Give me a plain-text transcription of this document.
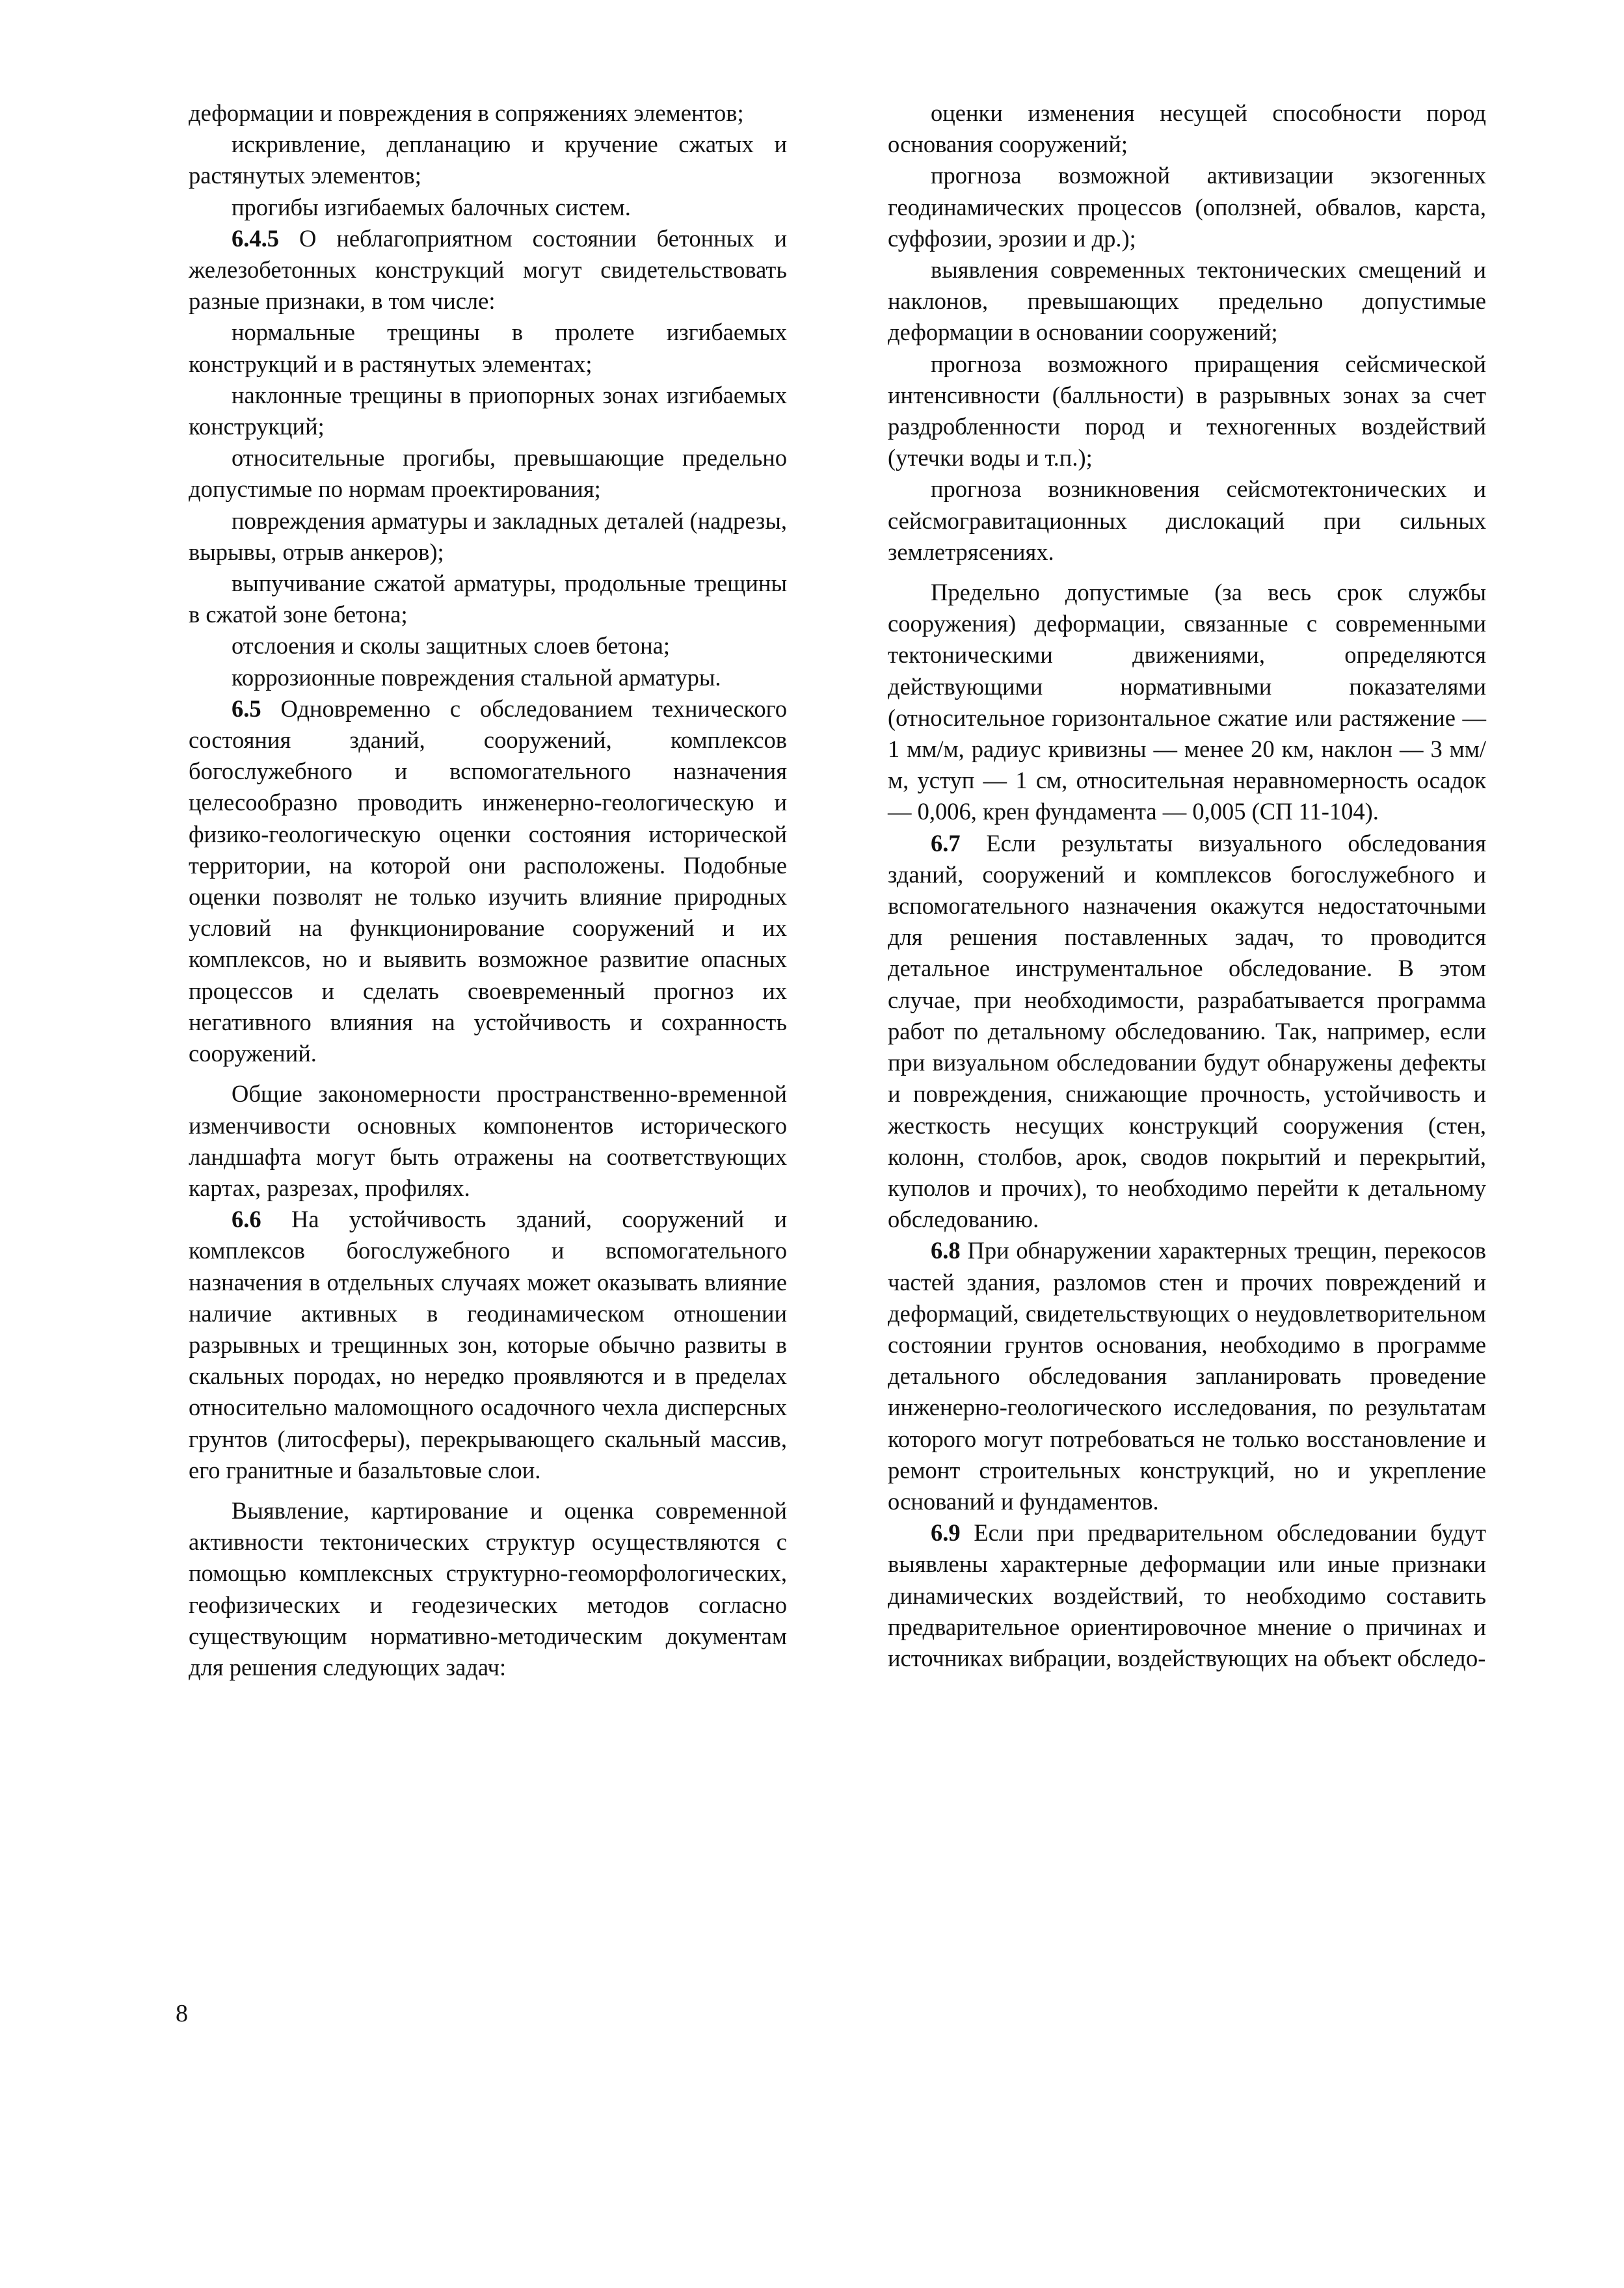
деформации и повреждения в сопряжениях элементов;

искривление, депланацию и кручение сжатых и растянутых элементов;

прогибы изгибаемых балочных систем.

6.4.5 О неблагоприятном состоянии бетонных и железобетонных конструкций могут свидетельствовать разные признаки, в том числе:

нормальные трещины в пролете изгибаемых конструкций и в растянутых элементах;

наклонные трещины в приопорных зонах изгибаемых конструкций;

относительные прогибы, превышающие предельно допустимые по нормам проектирования;

повреждения арматуры и закладных деталей (надрезы, вырывы, отрыв анкеров);

выпучивание сжатой арматуры, продольные трещины в сжатой зоне бетона;

отслоения и сколы защитных слоев бетона;

коррозионные повреждения стальной арматуры.

6.5 Одновременно с обследованием технического состояния зданий, сооружений, комплексов богослужебного и вспомогательного назначения целесообразно проводить инженерно-геологическую и физико-геологическую оценки состояния исторической территории, на которой они расположены. Подобные оценки позволят не только изучить влияние природных условий на функционирование сооружений и их комплексов, но и выявить возможное развитие опасных процессов и сделать своевременный прогноз их негативного влияния на устойчивость и сохранность сооружений.

Общие закономерности пространственно-временной изменчивости основных компонентов исторического ландшафта могут быть отражены на соответствующих картах, разрезах, профилях.

6.6 На устойчивость зданий, сооружений и комплексов богослужебного и вспомогательного назначения в отдельных случаях может оказывать влияние наличие активных в геодинамическом отношении разрывных и трещинных зон, которые обычно развиты в скальных породах, но нередко проявляются и в пределах относительно маломощного осадочного чехла дисперсных грунтов (литосферы), перекрывающего скальный массив, его гранитные и базальтовые слои.

Выявление, картирование и оценка современной активности тектонических структур осуществляются с помощью комплексных структурно-геоморфологических, геофизических и геодезических методов согласно существующим нормативно-методическим документам для решения следующих задач:

оценки изменения несущей способности пород основания сооружений;

прогноза возможной активизации экзогенных геодинамических процессов (оползней, обвалов, карста, суффозии, эрозии и др.);

выявления современных тектонических смещений и наклонов, превышающих предельно допустимые деформации в основании сооружений;

прогноза возможного приращения сейсмической интенсивности (балльности) в разрывных зонах за счет раздробленности пород и техногенных воздействий (утечки воды и т.п.);

прогноза возникновения сейсмотектонических и сейсмогравитационных дислокаций при сильных землетрясениях.

Предельно допустимые (за весь срок службы сооружения) деформации, связанные с современными тектоническими движениями, определяются действующими нормативными показателями (относительное горизонтальное сжатие или растяжение — 1 мм/м, радиус кривизны — менее 20 км, наклон — 3 мм/м, уступ — 1 см, относительная неравномерность осадок — 0,006, крен фундамента — 0,005 (СП 11-104).

6.7 Если результаты визуального обследования зданий, сооружений и комплексов богослужебного и вспомогательного назначения окажутся недостаточными для решения поставленных задач, то проводится детальное инструментальное обследование. В этом случае, при необходимости, разрабатывается программа работ по детальному обследованию. Так, например, если при визуальном обследовании будут обнаружены дефекты и повреждения, снижающие прочность, устойчивость и жесткость несущих конструкций сооружения (стен, колонн, столбов, арок, сводов покрытий и перекрытий, куполов и прочих), то необходимо перейти к детальному обследованию.

6.8 При обнаружении характерных трещин, перекосов частей здания, разломов стен и прочих повреждений и деформаций, свидетельствующих о неудовлетворительном состоянии грунтов основания, необходимо в программе детального обследования запланировать проведение инженерно-геологического исследования, по результатам которого могут потребоваться не только восстановление и ремонт строительных конструкций, но и укрепление оснований и фундаментов.

6.9 Если при предварительном обследовании будут выявлены характерные деформации или иные признаки динамических воздействий, то необходимо составить предварительное ориентировочное мнение о причинах и источниках вибрации, воздействующих на объект обследо-

8
